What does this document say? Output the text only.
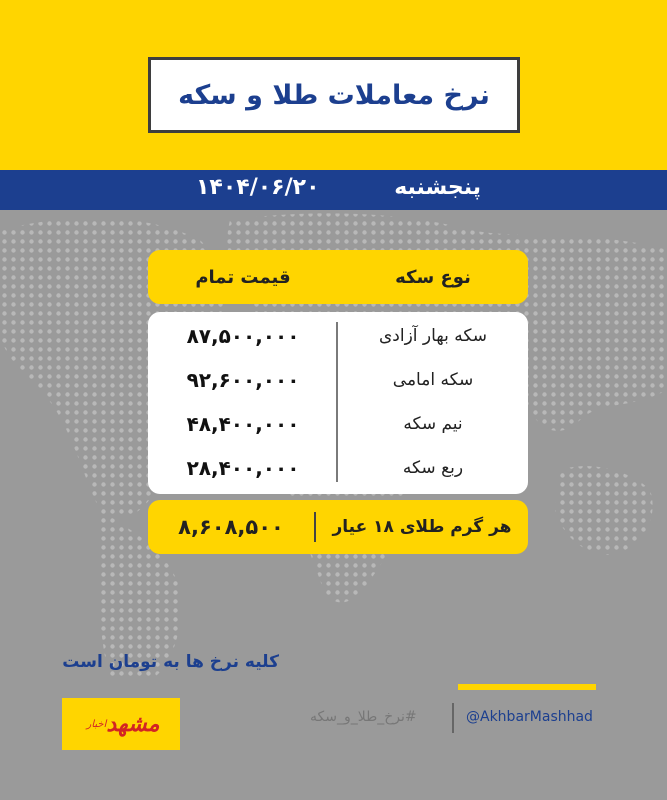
نرخ معاملات طلا و سکه
پنجشنبه
۱۴۰۴/۰۶/۲۰
نوع سکه
قیمت تمام
سکه بهار آزادی
۸۷,۵۰۰,۰۰۰
سکه امامی
۹۲,۶۰۰,۰۰۰
نیم سکه
۴۸,۴۰۰,۰۰۰
ربع سکه
۲۸,۴۰۰,۰۰۰
هر گرم طلای ۱۸ عیار
۸,۶۰۸,۵۰۰
کلیه نرخ ها به تومان است
مشهد
اخبار	#نرخ_طلا_و_سکه	@AkhbarMashhad
